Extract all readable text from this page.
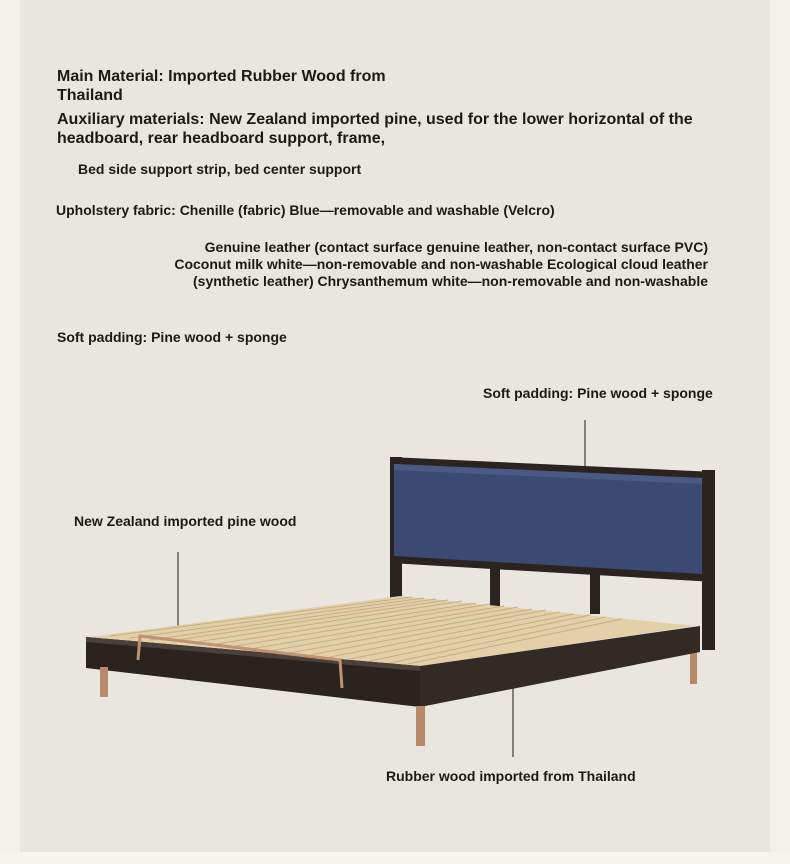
Main Material: Imported Rubber Wood from Thailand
Auxiliary materials: New Zealand imported pine, used for the lower horizontal of the headboard, rear headboard support, frame,
Bed side support strip, bed center support
Upholstery fabric: Chenille (fabric) Blue—removable and washable (Velcro)
Genuine leather (contact surface genuine leather, non-contact surface PVC) Coconut milk white—non-removable and non-washable Ecological cloud leather (synthetic leather) Chrysanthemum white—non-removable and non-washable
Soft padding: Pine wood + sponge
Soft padding: Pine wood + sponge
New Zealand imported pine wood
Rubber wood imported from Thailand
